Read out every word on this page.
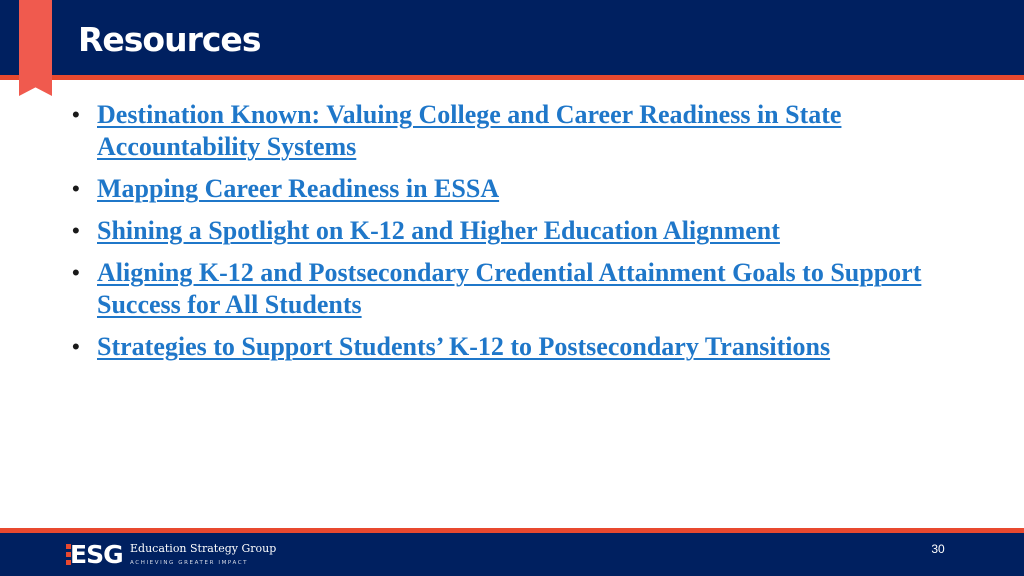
Resources
• Destination Known: Valuing College and Career Readiness in State Accountability Systems
• Mapping Career Readiness in ESSA
• Shining a Spotlight on K-12 and Higher Education Alignment
• Aligning K-12 and Postsecondary Credential Attainment Goals to Support Success for All Students
• Strategies to Support Students’ K-12 to Postsecondary Transitions
ESG Education Strategy Group
ACHIEVING GREATER IMPACT
30
